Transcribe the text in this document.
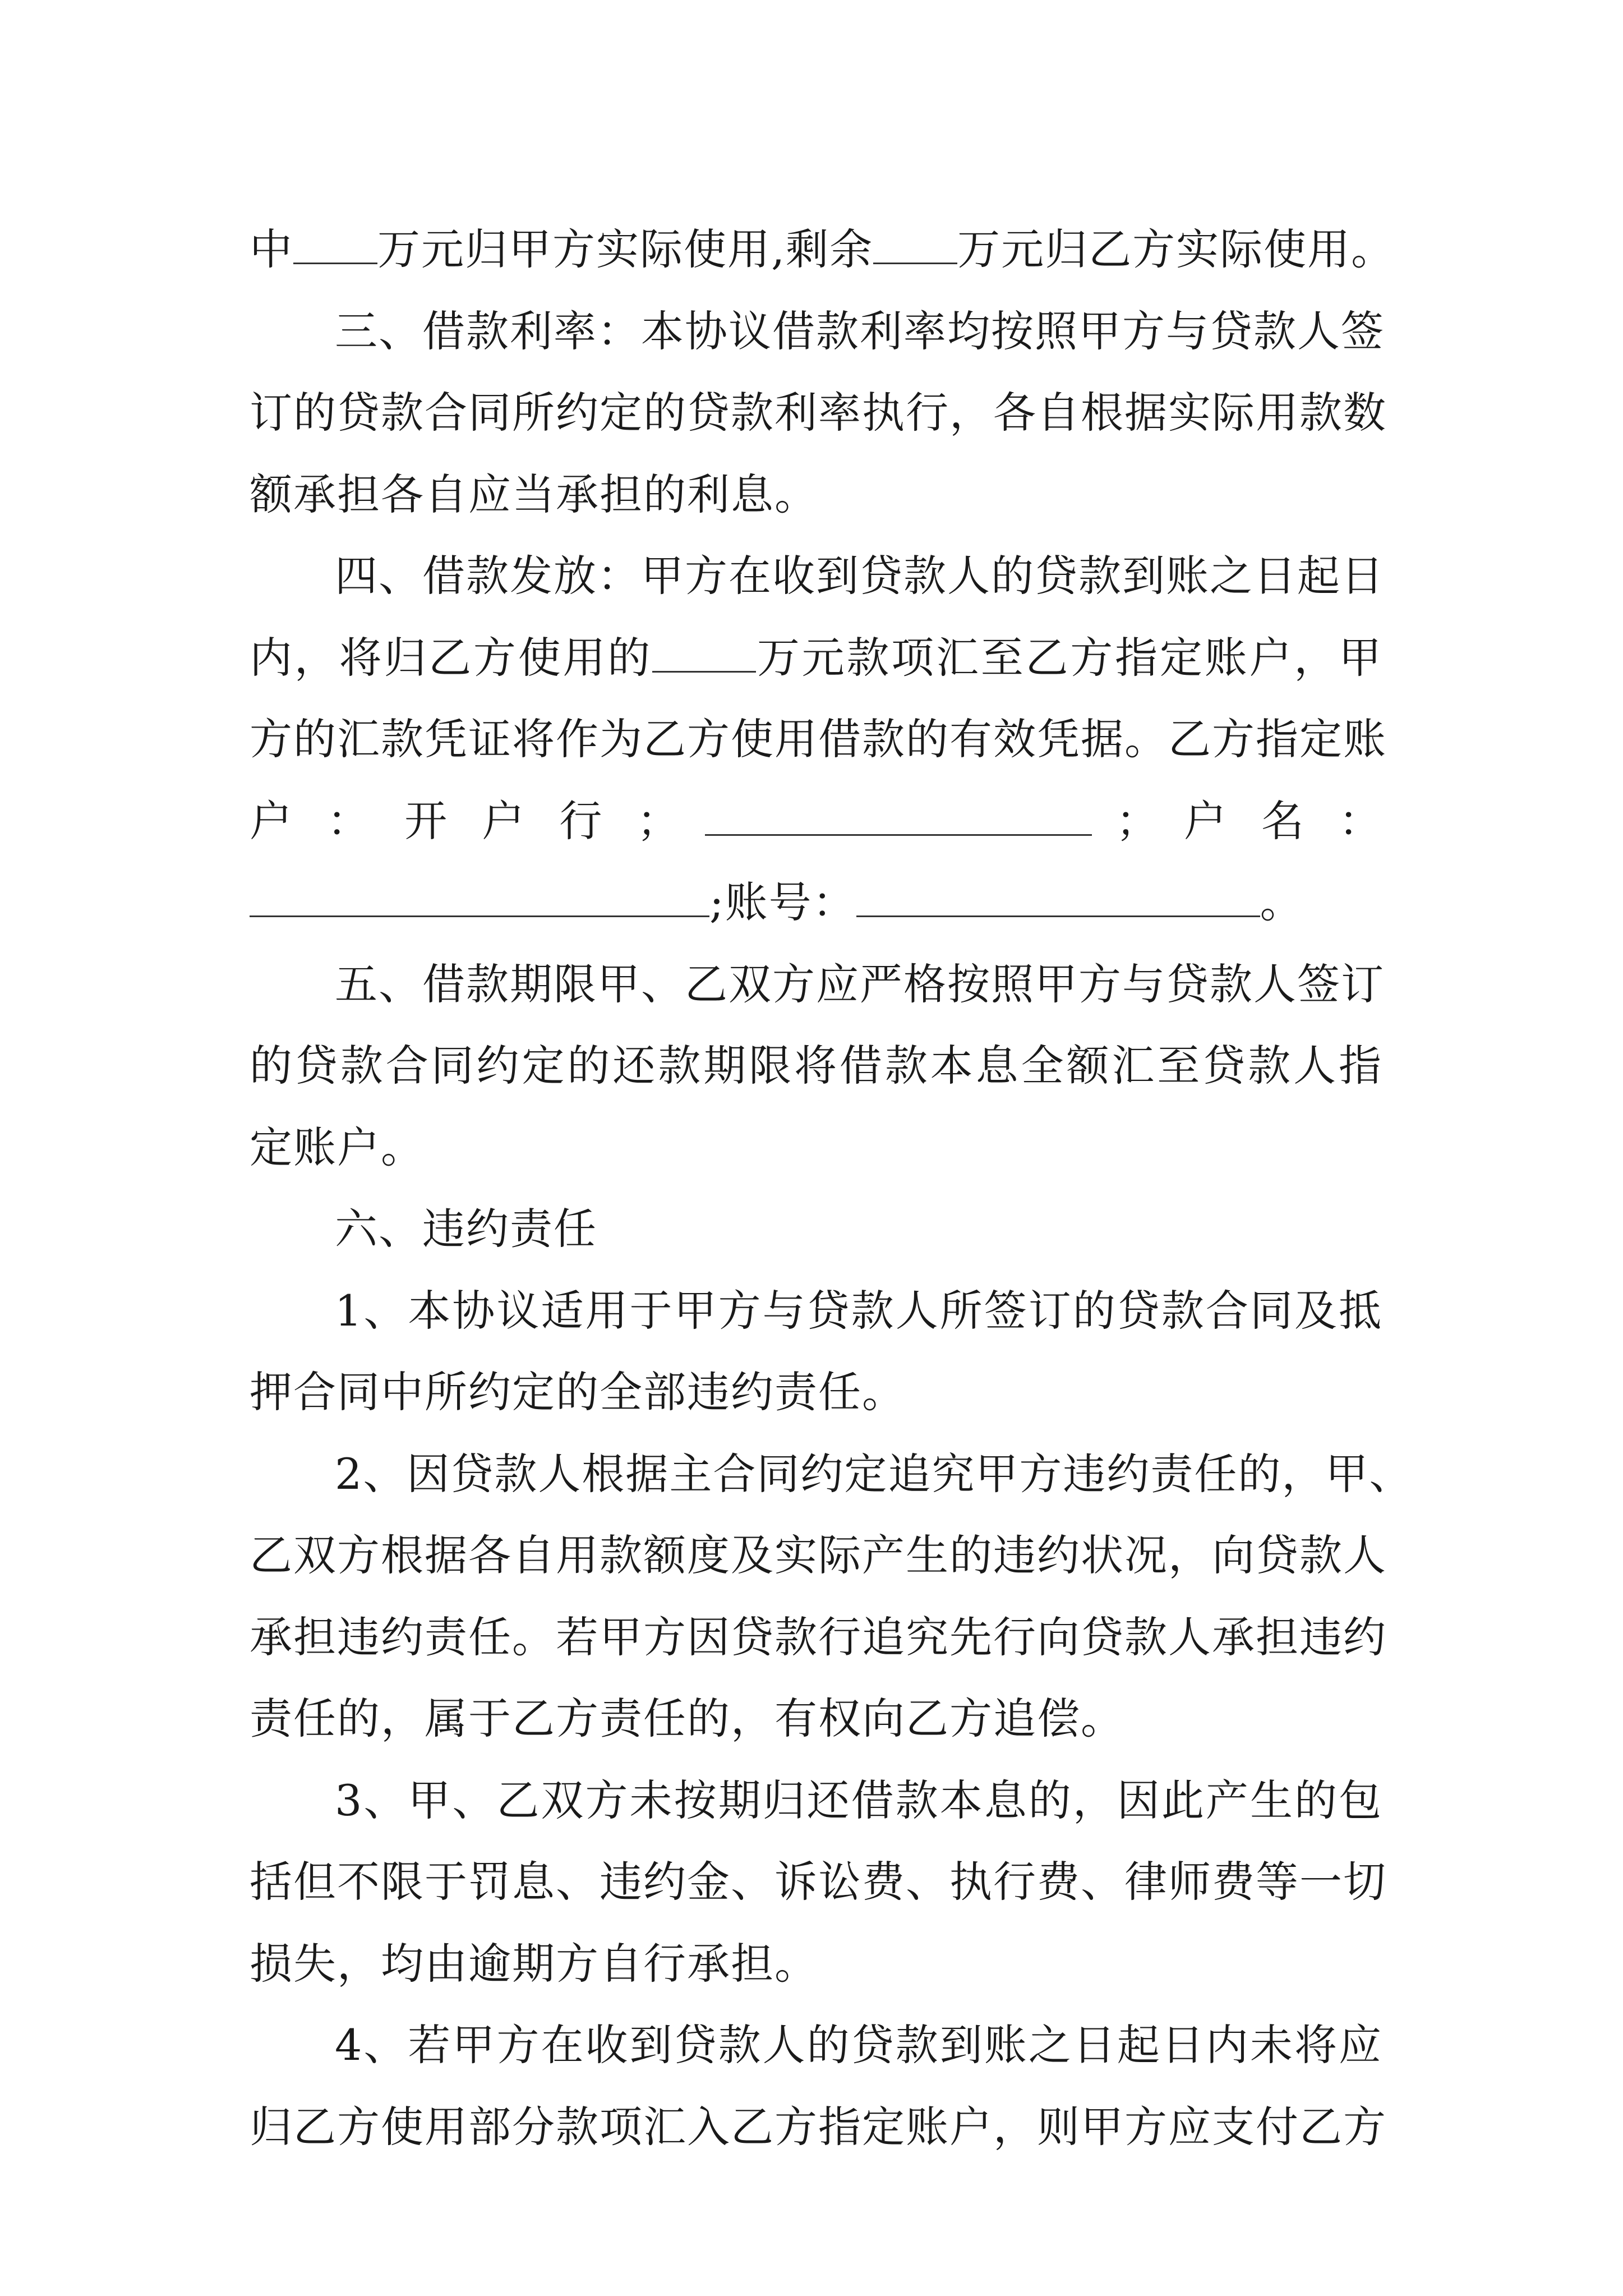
中 万元归甲方实际使用,剩余 万元归乙方实际使用。
三、借款利率：本协议借款利率均按照甲方与贷款人签
订的贷款合同所约定的贷款利率执行，各自根据实际用款数
额承担各自应当承担的利息。
四、借款发放：甲方在收到贷款人的贷款到账之日起日
内，将归乙方使用的 万元款项汇至乙方指定账户，甲
方的汇款凭证将作为乙方使用借款的有效凭据。乙方指定账
户 ： 开 户 行 ；	； 户 名 ：
;账号：	。
五、借款期限甲、乙双方应严格按照甲方与贷款人签订
的贷款合同约定的还款期限将借款本息全额汇至贷款人指
定账户。
六、违约责任
1、本协议适用于甲方与贷款人所签订的贷款合同及抵
押合同中所约定的全部违约责任。
2、因贷款人根据主合同约定追究甲方违约责任的，甲、
乙双方根据各自用款额度及实际产生的违约状况，向贷款人
承担违约责任。若甲方因贷款行追究先行向贷款人承担违约
责任的，属于乙方责任的，有权向乙方追偿。
3、甲、乙双方未按期归还借款本息的，因此产生的包
括但不限于罚息、违约金、诉讼费、执行费、律师费等一切
损失，均由逾期方自行承担。
4、若甲方在收到贷款人的贷款到账之日起日内未将应
归乙方使用部分款项汇入乙方指定账户，则甲方应支付乙方
